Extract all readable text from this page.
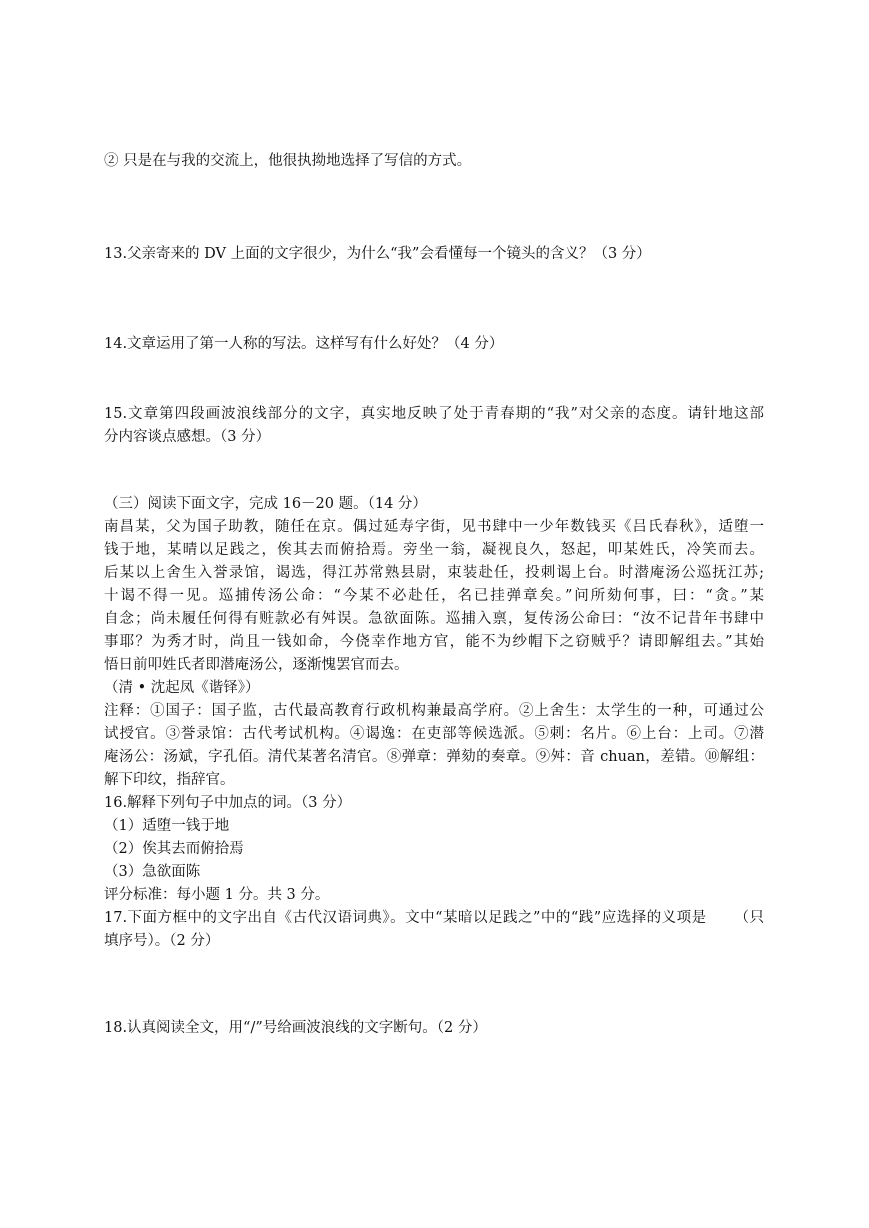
② 只是在与我的交流上，他很执拗地选择了写信的方式。

13.父亲寄来的 DV 上面的文字很少，为什么“我”会看懂每一个镜头的含义？（3 分）

14.文章运用了第一人称的写法。这样写有什么好处？（4 分）

15.文章第四段画波浪线部分的文字，真实地反映了处于青春期的“我”对父亲的态度。请针地这部
分内容谈点感想。（3 分）

（三）阅读下面文字，完成 16－20 题。（14 分）
南昌某，父为国子助教，随任在京。偶过延寿字街，见书肆中一少年数钱买《吕氏春秋》，适堕一
钱于地，某晴以足践之，俟其去而俯拾焉。旁坐一翁，凝视良久，怒起，叩某姓氏，冷笑而去。
后某以上舍生入誉录馆，谒选，得江苏常熟县尉，束装赴任，投刺谒上台。时潜庵汤公巡抚江苏;
十谒不得一见。巡捕传汤公命：“今某不必赴任，名已挂弹章矣。”问所劾何事，曰：“贪。”某
自念；尚未履任何得有赃款必有舛误。急欲面陈。巡捕入禀，复传汤公命曰：“汝不记昔年书肆中
事耶？为秀才时，尚且一钱如命，今侥幸作地方官，能不为纱帽下之窃贼乎？请即解组去。”其始
悟日前叩姓氏者即潜庵汤公，逐渐愧罢官而去。
（清 • 沈起凤《谐铎》）
注释：①国子：国子监，古代最高教育行政机构兼最高学府。②上舍生：太学生的一种，可通过公
试授官。③誉录馆：古代考试机构。④谒逸：在吏部等候选派。⑤刺：名片。⑥上台：上司。⑦潜
庵汤公：汤斌，字孔佰。清代某著名清官。⑧弹章：弹劾的奏章。⑨舛：音 chuan，差错。⑩解组：
解下印纹，指辞官。
16.解释下列句子中加点的词。（3 分）
（1）适堕一钱于地
（2）俟其去而俯拾焉
（3）急欲面陈
评分标准：每小题 1 分。共 3 分。
17.下面方框中的文字出自《古代汉语词典》。文中“某暗以足践之”中的“践”应选择的义项是 　　（只
填序号）。（2 分）

18.认真阅读全文，用“/”号给画波浪线的文字断句。（2 分）
